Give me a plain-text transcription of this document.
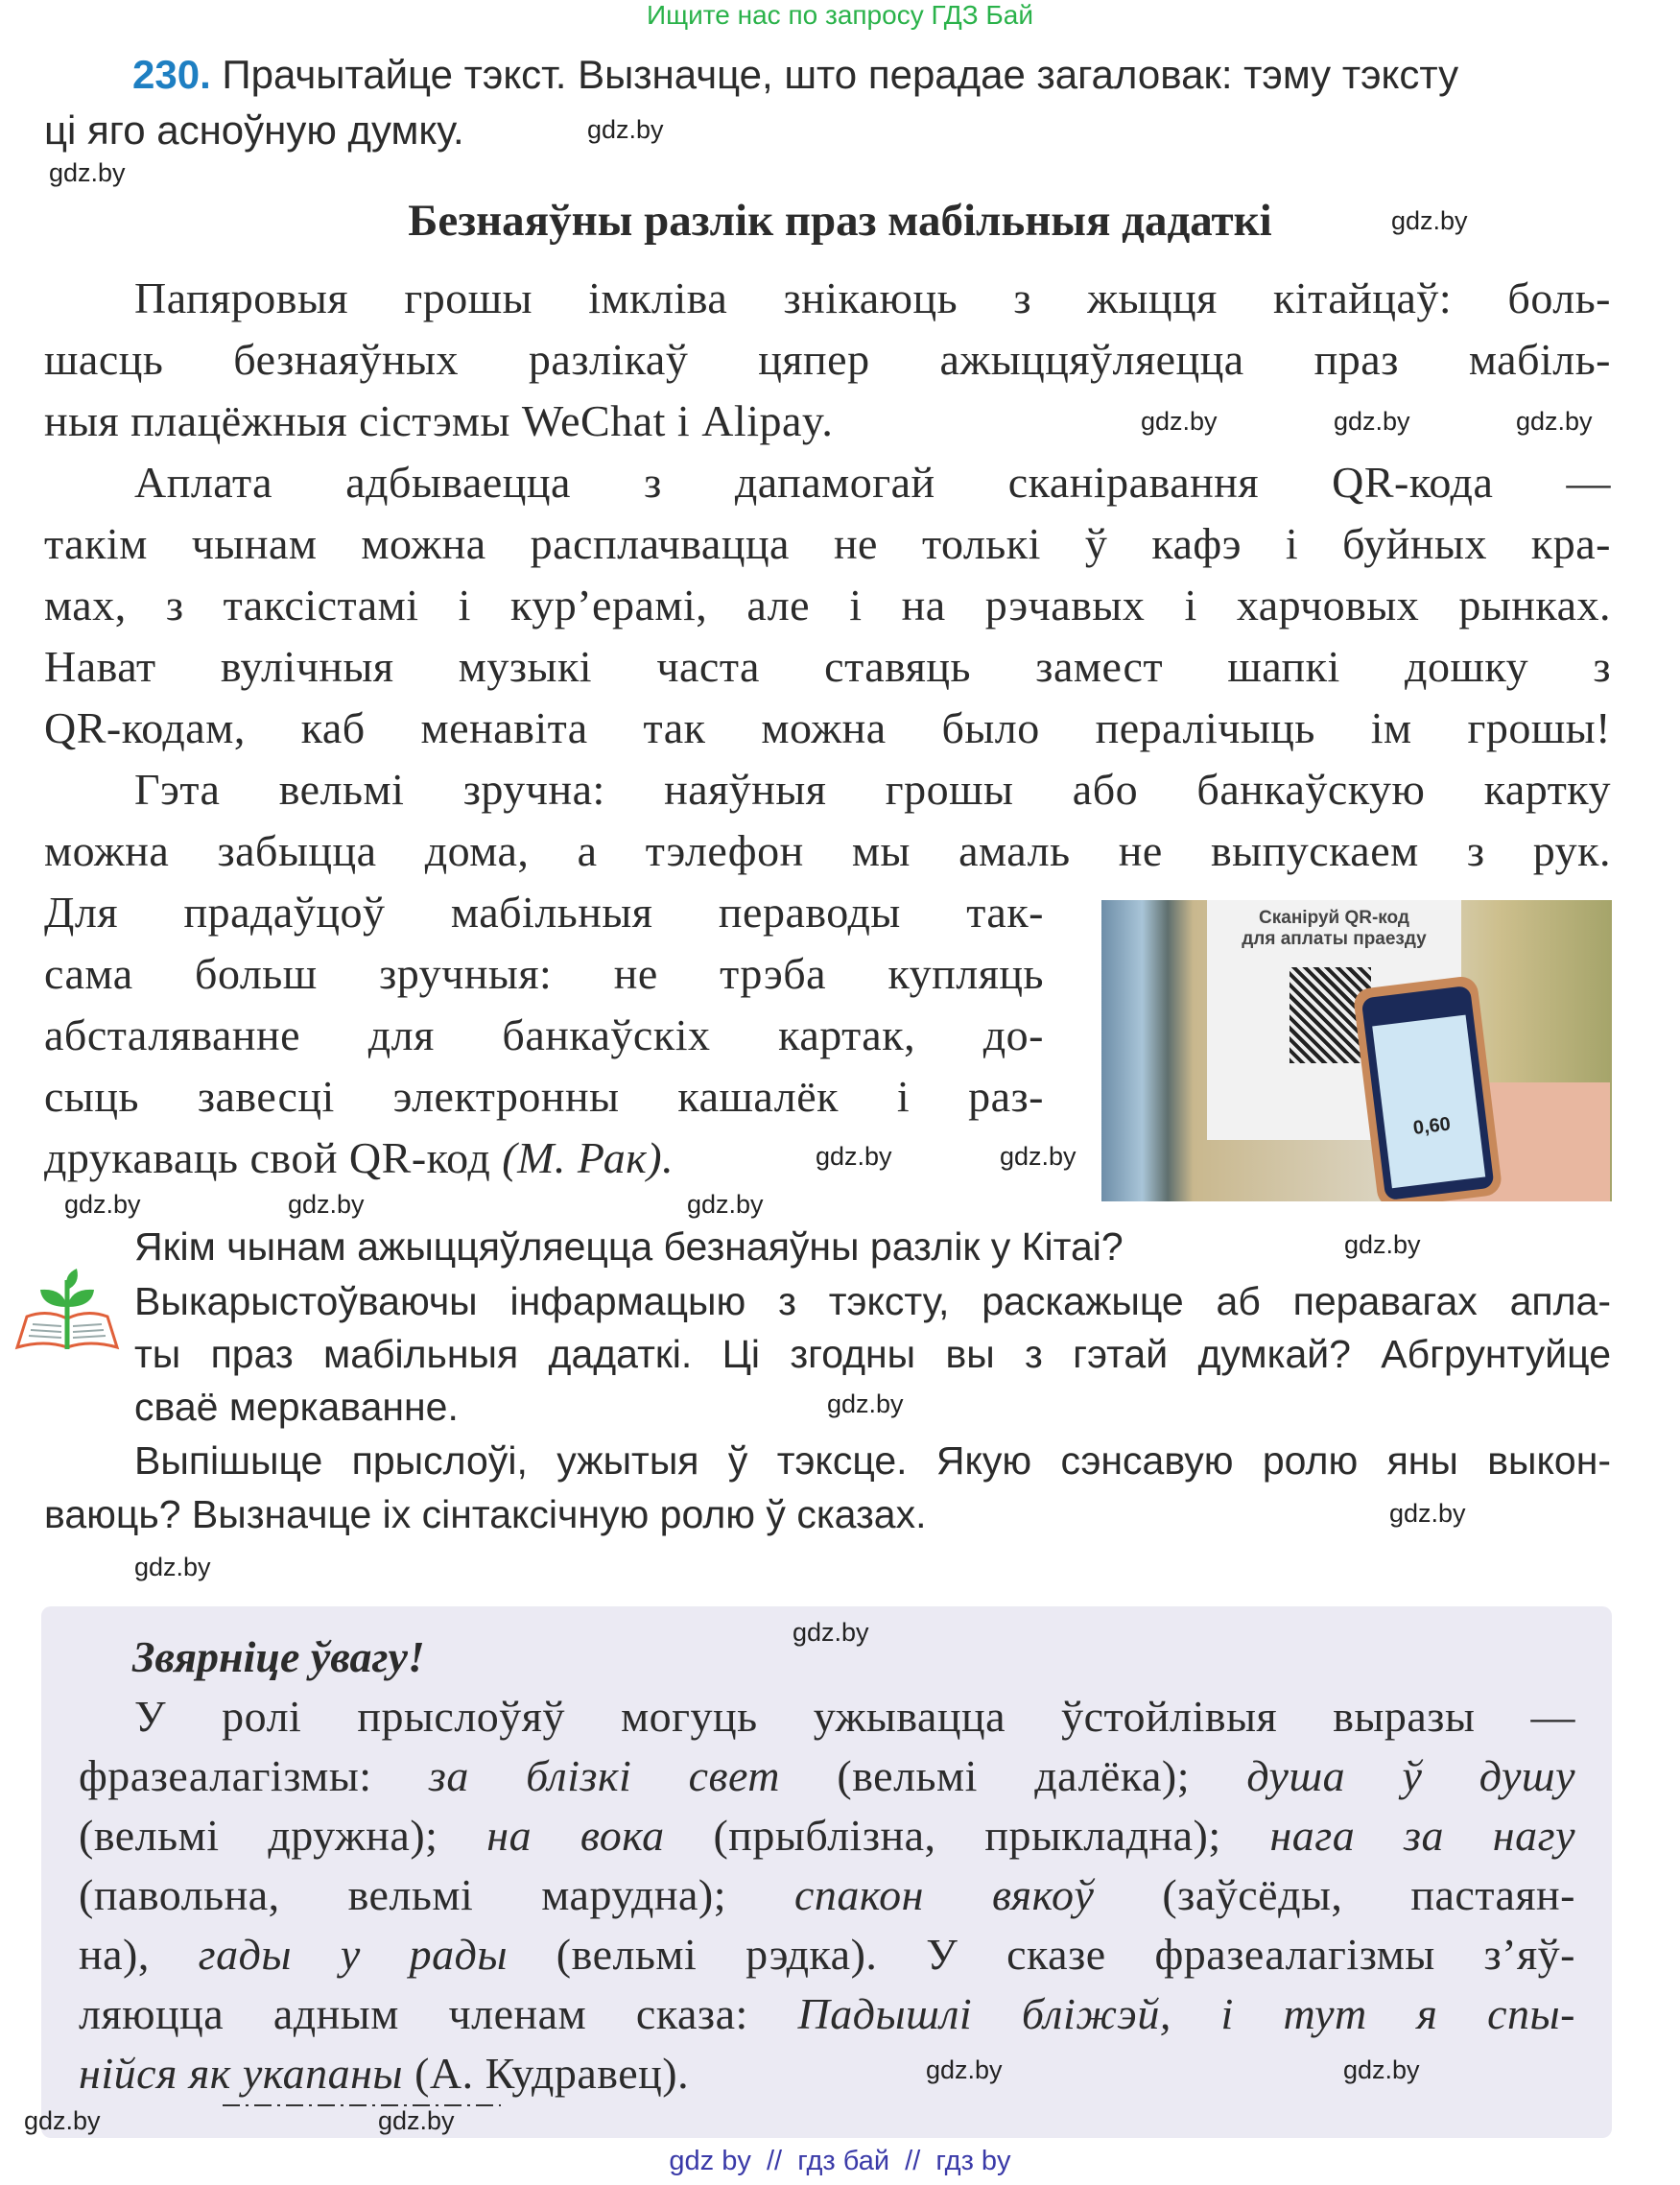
Ищите нас по запросу ГДЗ Бай
230. Прачытайце тэкст. Вызначце, што перадае загаловак: тэму тэксту
ці яго асноўную думку.
Безнаяўны разлік праз мабільныя дадаткі
Папяровыя грошы імкліва знікаюць з жыцця кітайцаў: боль-
шасць безнаяўных разлікаў цяпер ажыццяўляецца праз мабіль-
ныя плацёжныя сістэмы WeChat і Alipay.
Аплата адбываецца з дапамогай сканіравання QR-кода —
такім чынам можна расплачвацца не толькі ў кафэ і буйных кра-
мах, з таксістамі і кур’ерамі, але і на рэчавых і харчовых рынках.
Нават вулічныя музыкі часта ставяць замест шапкі дошку з
QR-кодам, каб менавіта так можна было пералічыць ім грошы!
Гэта вельмі зручна: наяўныя грошы або банкаўскую картку
можна забыцца дома, а тэлефон мы амаль не выпускаем з рук.
Для прадаўцоў мабільныя пераводы так-
сама больш зручныя: не трэба купляць
абсталяванне для банкаўскіх картак, до-
сыць завесці электронны кашалёк і раз-
друкаваць свой QR-код (М. Рак).
Сканіруй QR-код
для аплаты праезду
0,60
Якім чынам ажыццяўляецца безнаяўны разлік у Кітаі?
Выкарыстоўваючы інфармацыю з тэксту, раскажыце аб перавагах апла-
ты праз мабільныя дадаткі. Ці згодны вы з гэтай думкай? Абгрунтуйце
сваё меркаванне.
Выпішыце прыслоўі, ужытыя ў тэксце. Якую сэнсавую ролю яны выкон-
ваюць? Вызначце іх сінтаксічную ролю ў сказах.
Звярніце ўвагу!
У ролі прыслоўяў могуць ужывацца ўстойлівыя выразы —
фразеалагізмы: за блізкі свет (вельмі далёка); душа ў душу
(вельмі дружна); на вока (прыблізна, прыкладна); нага за нагу
(павольна, вельмі марудна); спакон вякоў (заўсёды, пастаян-
на), гады у рады (вельмі рэдка). У сказе фразеалагізмы з’яў-
ляюцца адным членам сказа: Падышлі бліжэй, і тут я спы-
нійся як укапаны (А. Кудравец).
gdz.by
gdz.by
gdz.by
gdz.by
gdz.by	gdz.by
gdz.by
gdz.by
gdz.by	gdz.by
gdz.by
gdz.by
gdz.by
gdz.by
gdz.by
gdz.by
gdz.by
gdz.by
gdz.by
gdz.by
gdz by  //  гдз бай  //  гдз by
